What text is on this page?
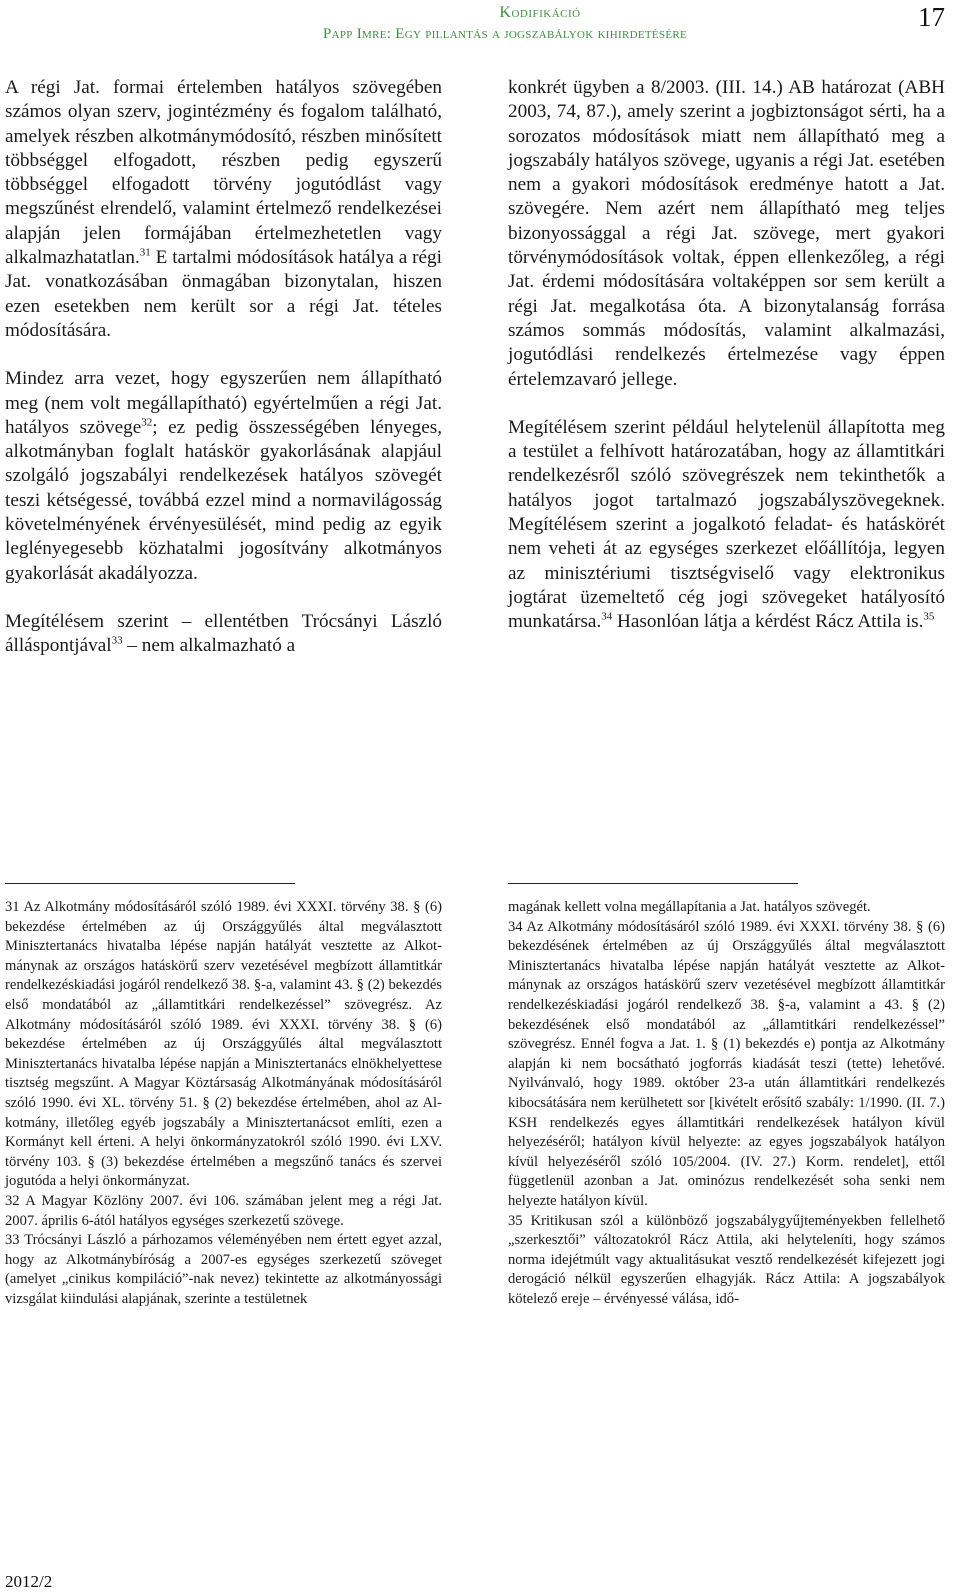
Kodifikáció
Papp Imre: Egy pillantás a jogszabályok kihirdetésére
17

A régi Jat. formai értelemben hatályos szövegében számos olyan szerv, jogintézmény és fogalom található, amelyek részben alkotmánymódosító, részben minősített többséggel elfogadott, részben pedig egyszerű többséggel elfogadott törvény jogutódlást vagy megszűnést elrendelő, valamint értelmező rendelkezései alapján jelen formájában értelmezhetetlen vagy alkalmazhatatlan.$^{31}$ E tartalmi módosítások hatálya a régi Jat. vonatkozásában önmagában bizonytalan, hiszen ezen esetekben nem került sor a régi Jat. tételes módosítására.

Mindez arra vezet, hogy egyszerűen nem állapítható meg (nem volt megállapítható) egyértelműen a régi Jat. hatályos szövege$^{32}$; ez pedig összességében lényeges, alkotmányban foglalt hatáskör gyakorlásának alapjául szolgáló jogszabályi rendelkezések hatályos szövegét teszi kétségessé, továbbá ezzel mind a normavilágosság követelményének érvényesülését, mind pedig az egyik leglényegesebb közhatalmi jogosítvány alkotmányos gyakorlását akadályozza.

Megítélésem szerint – ellentétben Trócsányi László álláspontjával$^{33}$ – nem alkalmazható a

konkrét ügyben a 8/2003. (III. 14.) AB határozat (ABH 2003, 74, 87.), amely szerint a jogbiztonságot sérti, ha a sorozatos módosítások miatt nem állapítható meg a jogszabály hatályos szövege, ugyanis a régi Jat. esetében nem a gyakori módosítások eredménye hatott a Jat. szövegére. Nem azért nem állapítható meg teljes bizonyossággal a régi Jat. szövege, mert gyakori törvénymódosítások voltak, éppen ellenkezőleg, a régi Jat. érdemi módosítására voltaképpen sor sem került a régi Jat. megalkotása óta. A bizonytalanság forrása számos sommás módosítás, valamint alkalmazási, jogutódlási rendelkezés értelmezése vagy éppen értelemzavaró jellege.

Megítélésem szerint például helytelenül állapította meg a testület a felhívott határozatában, hogy az államtitkári rendelkezésről szóló szövegrészek nem tekinthetők a hatályos jogot tartalmazó jogszabályszövegeknek. Megítélésem szerint a jogalkotó feladat- és hatáskörét nem veheti át az egységes szerkezet előállítója, legyen az minisztériumi tisztségviselő vagy elektronikus jogtárat üzemeltető cég jogi szövegeket hatályosító munkatársa.$^{34}$ Hasonlóan látja a kérdést Rácz Attila is.$^{35}$

31 Az Alkotmány módosításáról szóló 1989. évi XXXI. törvény 38. § (6) bekezdése értelmében az új Országgyűlés által megválasztott Minisztertanács hivatalba lépése napján hatályát vesztette az Alkotmánynak az országos hatáskörű szerv vezetésével megbízott államtitkár rendelkezéskiadási jogáról rendelkező 38. §-a, valamint 43. § (2) bekezdés első mondatából az „államtitkári rendelkezéssel” szövegrész. Az Alkotmány módosításáról szóló 1989. évi XXXI. törvény 38. § (6) bekezdése értelmében az új Országgyűlés által megválasztott Minisztertanács hivatalba lépése napján a Minisztertanács elnökhelyettese tisztség megszűnt. A Magyar Köztársaság Alkotmányának módosításáról szóló 1990. évi XL. törvény 51. § (2) bekezdése értelmében, ahol az Alkotmány, illetőleg egyéb jogszabály a Minisztertanácsot említi, ezen a Kormányt kell érteni. A helyi önkormányzatokról szóló 1990. évi LXV. törvény 103. § (3) bekezdése értelmében a megszűnő tanács és szervei jogutóda a helyi önkormányzat.

32 A Magyar Közlöny 2007. évi 106. számában jelent meg a régi Jat. 2007. április 6-ától hatályos egységes szerkezetű szövege.

33 Trócsányi László a párhozamos véleményében nem értett egyet azzal, hogy az Alkotmánybíróság a 2007-es egységes szerkezetű szöveget (amelyet „cinikus kompiláció”-nak nevez) tekintette az alkotmányossági vizsgálat kiindulási alapjának, szerinte a testületnek

magának kellett volna megállapítania a Jat. hatályos szövegét.

34 Az Alkotmány módosításáról szóló 1989. évi XXXI. törvény 38. § (6) bekezdésének értelmében az új Országgyűlés által megválasztott Minisztertanács hivatalba lépése napján hatályát vesztette az Alkotmánynak az országos hatáskörű szerv vezetésével megbízott államtitkár rendelkezéskiadási jogáról rendelkező 38. §-a, valamint a 43. § (2) bekezdésének első mondatából az „államtitkári rendelkezéssel” szövegrész. Ennél fogva a Jat. 1. § (1) bekezdés e) pontja az Alkotmány alapján ki nem bocsátható jogforrás kiadását teszi (tette) lehetővé. Nyilvánvaló, hogy 1989. október 23-a után államtitkári rendelkezés kibocsátására nem kerülhetett sor [kivételt erősítő szabály: 1/1990. (II. 7.) KSH rendelkezés egyes államtitkári rendelkezések hatályon kívül helyezéséről; hatályon kívül helyezte: az egyes jogszabályok hatályon kívül helyezéséről szóló 105/2004. (IV. 27.) Korm. rendelet], ettől függetlenül azonban a Jat. ominózus rendelkezését soha senki nem helyezte hatályon kívül.

35 Kritikusan szól a különböző jogszabálygyűjteményekben fellelhető „szerkesztői” változatokról Rácz Attila, aki helyteleníti, hogy számos norma idejétmúlt vagy aktualitásukat vesztő rendelkezését kifejezett jogi derogáció nélkül egyszerűen elhagyják. Rácz Attila: A jogszabályok kötelező ereje – érvényessé válása, idő-

2012/2
